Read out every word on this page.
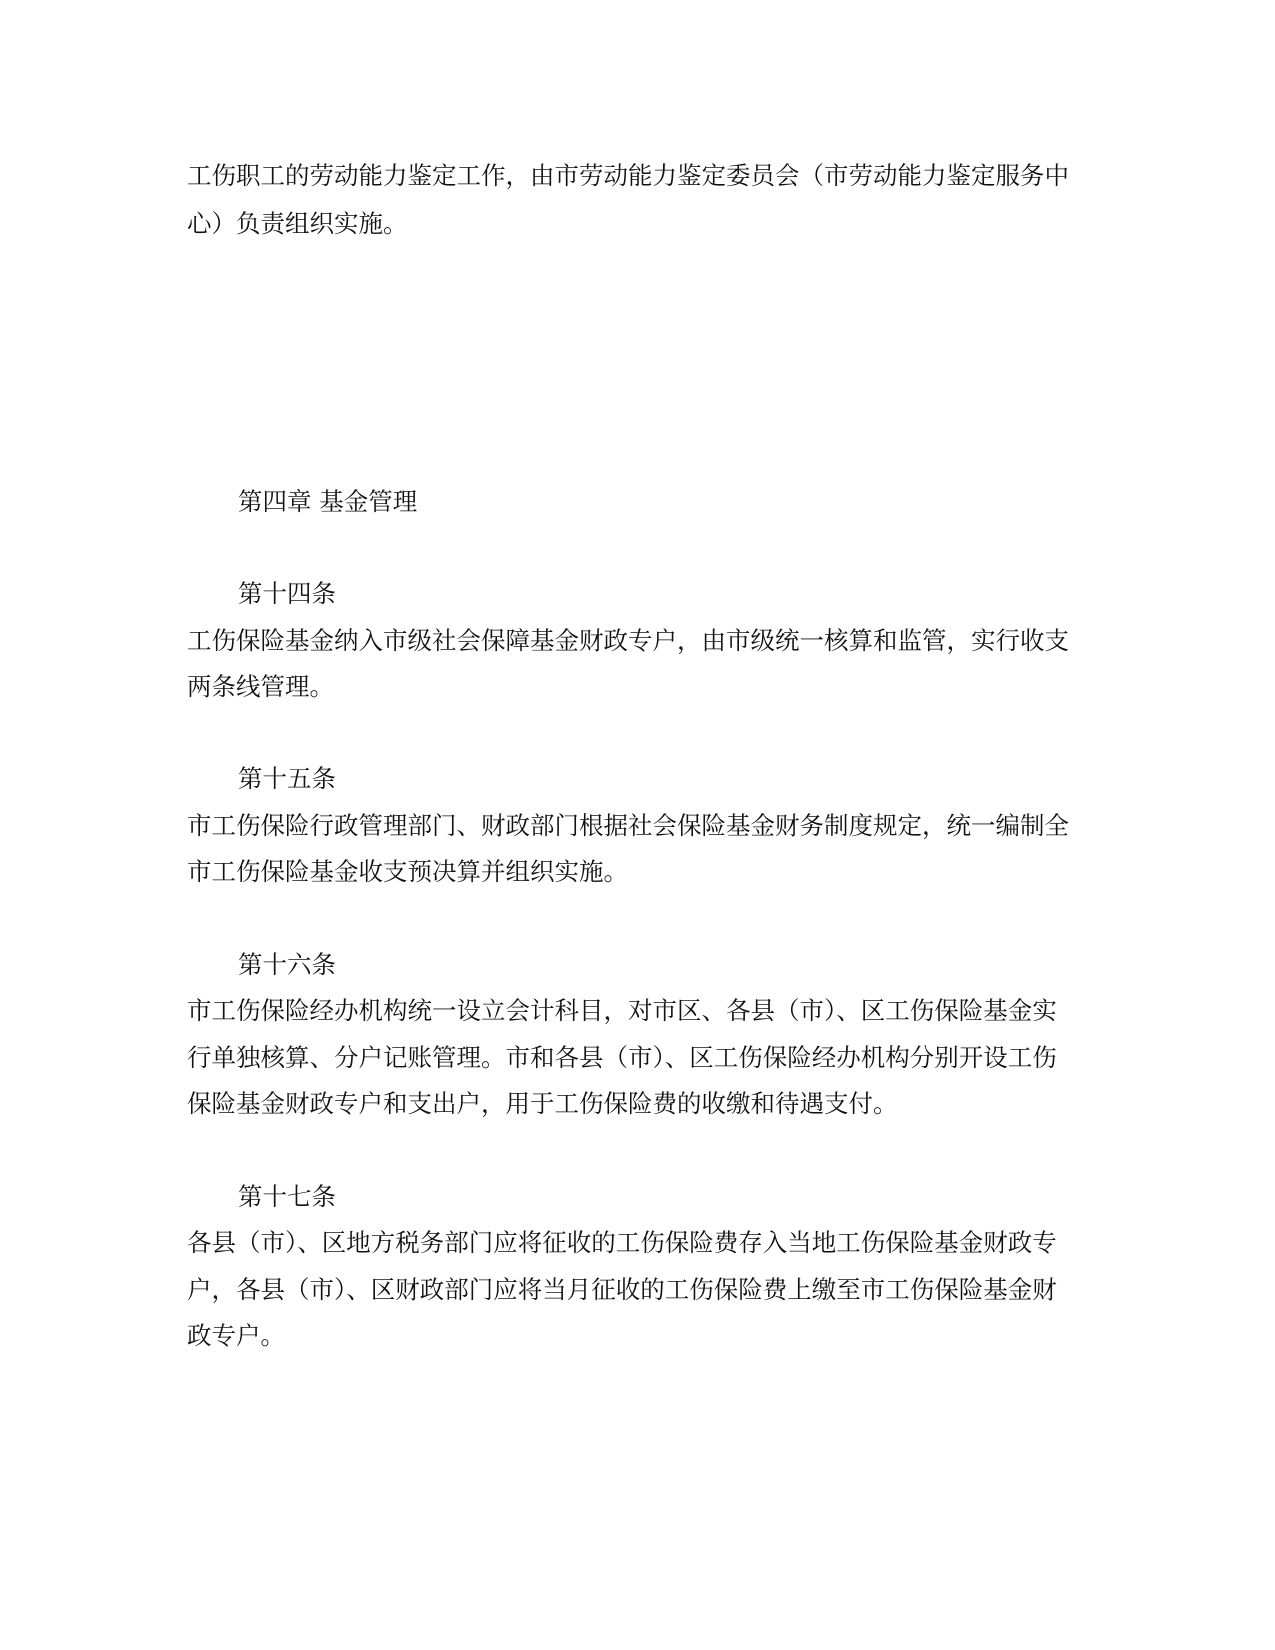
工伤职工的劳动能力鉴定工作，由市劳动能力鉴定委员会（市劳动能力鉴定服务中

心）负责组织实施。

第四章 基金管理

第十四条

工伤保险基金纳入市级社会保障基金财政专户，由市级统一核算和监管，实行收支

两条线管理。

第十五条

市工伤保险行政管理部门、财政部门根据社会保险基金财务制度规定，统一编制全

市工伤保险基金收支预决算并组织实施。

第十六条

市工伤保险经办机构统一设立会计科目，对市区、各县（市）、区工伤保险基金实

行单独核算、分户记账管理。市和各县（市）、区工伤保险经办机构分别开设工伤

保险基金财政专户和支出户，用于工伤保险费的收缴和待遇支付。

第十七条

各县（市）、区地方税务部门应将征收的工伤保险费存入当地工伤保险基金财政专

户，各县（市）、区财政部门应将当月征收的工伤保险费上缴至市工伤保险基金财

政专户。
